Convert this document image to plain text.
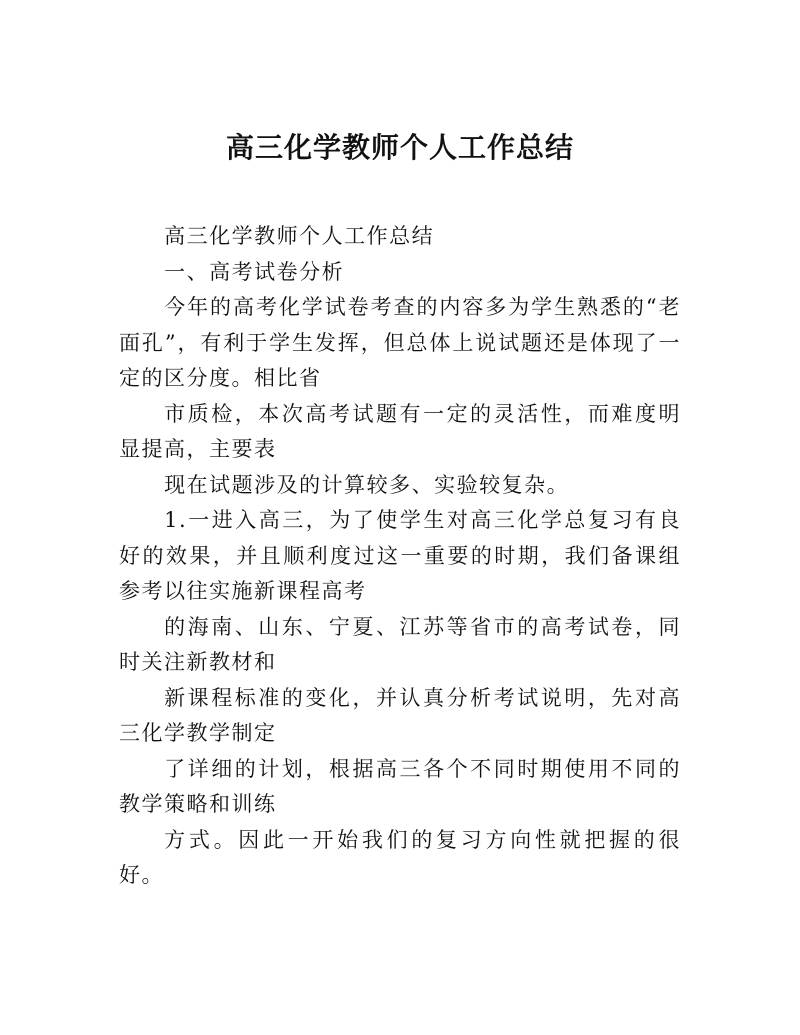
高三化学教师个人工作总结

高三化学教师个人工作总结

一、高考试卷分析

今年的高考化学试卷考查的内容多为学生熟悉的“老面孔”，有利于学生发挥，但总体上说试题还是体现了一定的区分度。相比省

市质检，本次高考试题有一定的灵活性，而难度明显提高，主要表

现在试题涉及的计算较多、实验较复杂。

1.一进入高三，为了使学生对高三化学总复习有良好的效果，并且顺利度过这一重要的时期，我们备课组参考以往实施新课程高考

的海南、山东、宁夏、江苏等省市的高考试卷，同时关注新教材和

新课程标准的变化，并认真分析考试说明，先对高三化学教学制定

了详细的计划，根据高三各个不同时期使用不同的教学策略和训练

方式。因此一开始我们的复习方向性就把握的很好。
